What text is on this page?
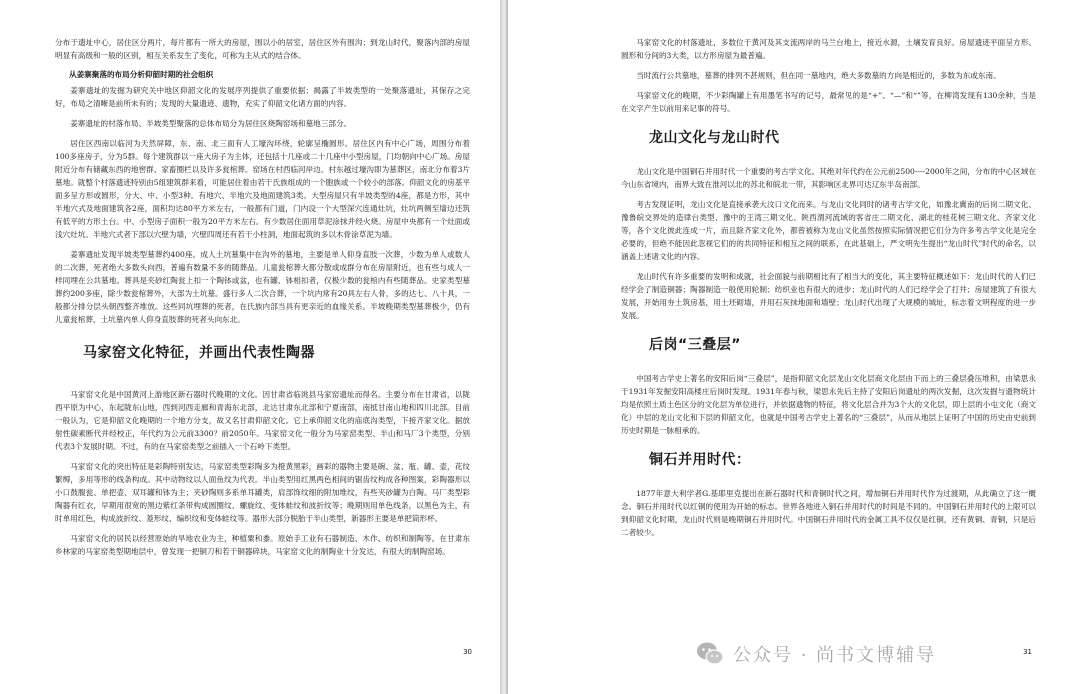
分布于遗址中心，居住区分两片，每片都有一所大的房屋，围以小的居室，居住区外有围沟；到龙山时代，聚落内部的房屋明显有高级和一般的区别，相互关系发生了变化，可称为主从式的结合体。

从姜寨聚落的布局分析仰韶时期的社会组织

姜寨遗址的发掘为研究关中地区仰韶文化的发展序列提供了重要依据；揭露了半坡类型的一处聚落遗址，其保存之完好，布局之清晰是前所未有的；发现的大量遗迹、遗物，充实了仰韶文化诸方面的内容。

姜寨遗址的村落布局、半坡类型聚落的总体布局分为居住区烧陶窑场和墓地三部分。

居住区西南以临河为天然屏障，东、南、北三面有人工壕沟环绕，轮廓呈椭圆形。居住区内有中心广场，周围分布着100多座房子，分为5群。每个建筑群以一座大房子为主体，还包括十几座或二十几座中小型房屋，门均朝向中心广场。房屋附近分布有储藏东西的地窖群、家畜圈栏以及许多瓮棺葬。窑场在村西临河岸边。村东越过壕沟即为墓葬区，南北分布着3片墓地。就整个村落遗迹特别由5组建筑群来看，可能居住着由若干氏族组成的一个胞族或一个较小的部落。仰韶文化的房基平面多呈方形或圆形，分大、中、小型3种。有地穴、半地穴及地面建筑3类。大型房屋只有半坡类型的4座，都是方形，其中半地穴式及地面建筑各2座，面积均达80平方米左右，一般都有门道，门内设一个大型深穴连通灶坑，灶坑两侧至墙边还筑有低平的方形土台。中、小型房子面积一般为20平方米左右。有少数居住面用草泥涂抹并经火烧。房屋中央都有一个灶面或浅穴灶坑。半地穴式者下部以穴壁为墙，穴壁四周还有若干小柱洞，地面起筑的多以木骨涂草泥为墙。

姜寨遗址发现半坡类型墓葬约400座。成人土坑墓集中在沟外的墓地，主要是单人仰身直肢一次葬，少数为单人或数人的二次葬，死者绝大多数头向西，普遍有数量不多的随葬品。儿童瓮棺葬大都分散或成群分布在房屋附近，也有些与成人一样同埋在公共墓地。葬具是夹砂红陶瓮上扣一个陶钵或盆，也有罐、钵相扣者，仅极少数的瓮棺内有些随葬品。史家类型墓葬约200多座，除少数瓮棺葬外，大部为土坑墓。盛行多人二次合葬，一个坑内常有20具左右人骨，多的达七、八十具，一般都分排分层头朝西整齐堆放。这些同坑埋葬的死者，在氏族内部当具有更亲近的血缘关系。半坡晚期类型墓葬极少，仍有儿童瓮棺葬，土坑墓内单人仰身直肢葬的死者头向东北。

马家窑文化特征，并画出代表性陶器

马家窑文化是中国黄河上游地区新石器时代晚期的文化。因甘肃省临洮县马家窑遗址而得名。主要分布在甘肃省，以陇西平原为中心，东起陇东山地，西到河西走廊和青海东北部，北达甘肃东北部和宁夏南部，南抵甘南山地和四川北部。目前一般认为，它是仰韶文化晚期的一个地方分支，故又名甘肃仰韶文化。它上承仰韶文化的庙底沟类型，下接齐家文化。据放射性碳素断代并经校正，年代约为公元前3300？前2050年。马家窑文化一般分为马家窑类型、半山和马厂3个类型，分别代表3个发展时期。不过，有的在马家窑类型之前插入一个石岭下类型。

马家窑文化的突出特征是彩陶特别发达，马家窑类型彩陶多为橙黄黑彩，画彩的器物主要是碗、盆、瓶、罐、壶，花纹繁缛，多用等形的线条构成。其中动物纹以人面鱼纹为代表。半山类型用红黑两色相间的锯齿纹构成各种图案，彩陶器形以小口鼓腹瓮、单把壶、双耳罐和钵为主；夹砂陶则多系单耳罐类，肩部饰纹细的附加堆纹，有些夹砂罐为白陶。马厂类型彩陶器有红衣，早期用很宽的黑边紫红条带构成圆圈纹、螺旋纹、变体蛙纹和波折纹等；晚期则用单色线条，以黑色为主，有时单用红色，构成波折纹、菱形纹、编织纹和变体蛙纹等。器形大部分脱胎于半山类型，新器形主要是单把筒形杯。

马家窑文化的居民以经营原始的旱地农业为主，种植粟和黍。原始手工业有石器制造、木作、纺织和制陶等。在甘肃东乡林家的马家窑类型期地层中，曾发现一把铜刀和若干铜器碎块，马家窑文化的制陶业十分发达，有很大的制陶窑场。

30

马家窑文化的村落遗址，多数位于黄河及其支流两岸的马兰台地上，接近水源，土壤发育良好。房屋遗迹平面呈方形、圆形和分间的3大类，以方形房屋为最普遍。

当时流行公共墓地，墓葬的排列不甚规则，但在同一墓地内，绝大多数墓的方向是相近的，多数为东或东南。

马家窑文化的晚期，不少彩陶罐上有用墨笔书写的记号，最常见的是“+”、“—”和“”等，在柳湾发现有130余种，当是在文字产生以前用来记事的符号。

龙山文化与龙山时代

龙山文化是中国铜石并用时代一个重要的考古学文化。其绝对年代约在公元前2500----2000年之间，分布的中心区域在今山东省境内，南界大致在淮河以北的苏北和皖北一带，其影响区北界可达辽东半岛南部。

考古发现证明，龙山文化是直接承袭大汶口文化而来。与龙山文化同时的诸考古学文化，如豫北冀南的后岗二期文化、豫鲁皖交界处的造律台类型、豫中的王湾三期文化、陕西渭河流域的客省庄二期文化、湖北的桂花树三期文化、齐家文化等，各个文化彼此连成一片，而且除齐家文化外，都曾被称为龙山文化虽然按照实际情况把它们分为许多考古学文化是完全必要的，但绝不能因此忽视它们的的共同特征和相互之间的联系，在此基础上，严文明先生提出“龙山时代”时代的命名，以涵盖上述诸文化的内容。

龙山时代有许多重要的发明和成就，社会面貌与前期相比有了相当大的变化，其主要特征概述如下：龙山时代的人们已经学会了制造铜器；陶器制造一般使用轮制；纺织业也有很大的进步；龙山时代的人们已经学会了打井；房屋建筑了有很大发展，开始用夯土筑房基，用土坯砌墙，并用石灰抹地面和墙壁；龙山时代出现了大规模的城址，标志着文明程度的进一步发展。

后岗“三叠层”

中国考古学史上著名的安阳后岗“三叠层”，是指仰韶文化层龙山文化层商文化层由下而上的三叠层叠压堆积，由梁思永于1931年发掘安阳高楼庄后岗时发现。1931年春与秋，梁思永先后主持了安阳后岗遗址的两次发掘，这次发掘与遗物统计均是依照土质土色区分的文化层为单位进行，并依据遗物的特征，将文化层合并为3个大的文化层，即上层的小屯文化（商文化）中层的龙山文化和下层的仰韶文化，也就是中国考古学史上著名的“三叠层”，从而从地层上证明了中国的历史由史前到历史时期是一脉相承的。

铜石并用时代：

1877年意大利学者G.基耶里克提出在新石器时代和青铜时代之间，增加铜石并用时代作为过渡期，从此确立了这一概念。铜石并用时代以红铜的使用为开始的标志。世界各地进入铜石并用时代的时间是不同的。中国铜石并用时代的上限可以到仰韶文化时期，龙山时代则是晚期铜石并用时代。中国铜石并用时代的金属工具不仅仅是红铜，还有黄铜、青铜，只是后二者较少。

31
公众号 · 尚书文博辅导
